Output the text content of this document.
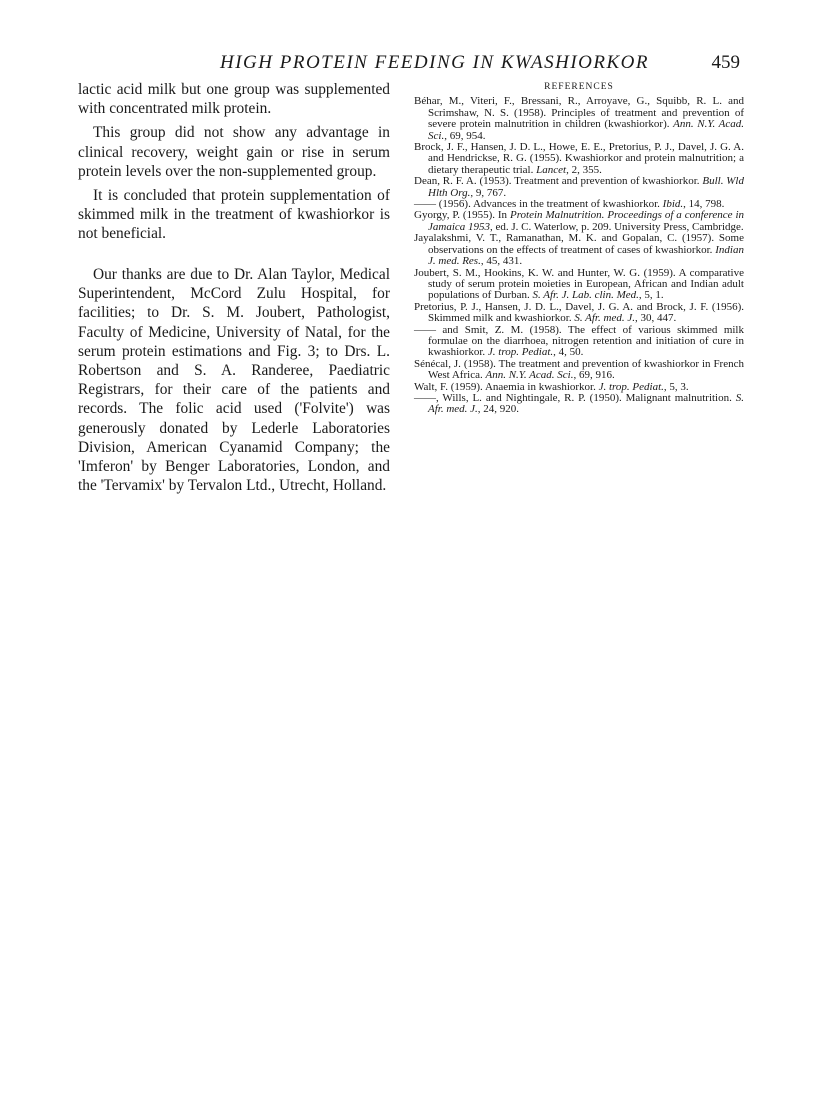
HIGH PROTEIN FEEDING IN KWASHIORKOR	459

lactic acid milk but one group was supplemented with concentrated milk protein.

This group did not show any advantage in clinical recovery, weight gain or rise in serum protein levels over the non-supplemented group.

It is concluded that protein supplementation of skimmed milk in the treatment of kwashiorkor is not beneficial.

Our thanks are due to Dr. Alan Taylor, Medical Superintendent, McCord Zulu Hospital, for facilities; to Dr. S. M. Joubert, Pathologist, Faculty of Medicine, University of Natal, for the serum protein estimations and Fig. 3; to Drs. L. Robertson and S. A. Randeree, Paediatric Registrars, for their care of the patients and records. The folic acid used ('Folvite') was generously donated by Lederle Laboratories Division, American Cyanamid Company; the 'Imferon' by Benger Laboratories, London, and the 'Tervamix' by Tervalon Ltd., Utrecht, Holland.

REFERENCES

Béhar, M., Viteri, F., Bressani, R., Arroyave, G., Squibb, R. L. and Scrimshaw, N. S. (1958). Principles of treatment and prevention of severe protein malnutrition in children (kwashiorkor). Ann. N.Y. Acad. Sci., 69, 954.

Brock, J. F., Hansen, J. D. L., Howe, E. E., Pretorius, P. J., Davel, J. G. A. and Hendrickse, R. G. (1955). Kwashiorkor and protein malnutrition; a dietary therapeutic trial. Lancet, 2, 355.

Dean, R. F. A. (1953). Treatment and prevention of kwashiorkor. Bull. Wld Hlth Org., 9, 767.

—— (1956). Advances in the treatment of kwashiorkor. Ibid., 14, 798.

Gyorgy, P. (1955). In Protein Malnutrition. Proceedings of a conference in Jamaica 1953, ed. J. C. Waterlow, p. 209. University Press, Cambridge.

Jayalakshmi, V. T., Ramanathan, M. K. and Gopalan, C. (1957). Some observations on the effects of treatment of cases of kwashiorkor. Indian J. med. Res., 45, 431.

Joubert, S. M., Hookins, K. W. and Hunter, W. G. (1959). A comparative study of serum protein moieties in European, African and Indian adult populations of Durban. S. Afr. J. Lab. clin. Med., 5, 1.

Pretorius, P. J., Hansen, J. D. L., Davel, J. G. A. and Brock, J. F. (1956). Skimmed milk and kwashiorkor. S. Afr. med. J., 30, 447.

—— and Smit, Z. M. (1958). The effect of various skimmed milk formulae on the diarrhoea, nitrogen retention and initiation of cure in kwashiorkor. J. trop. Pediat., 4, 50.

Sénécal, J. (1958). The treatment and prevention of kwashiorkor in French West Africa. Ann. N.Y. Acad. Sci., 69, 916.

Walt, F. (1959). Anaemia in kwashiorkor. J. trop. Pediat., 5, 3.

——, Wills, L. and Nightingale, R. P. (1950). Malignant malnutrition. S. Afr. med. J., 24, 920.
